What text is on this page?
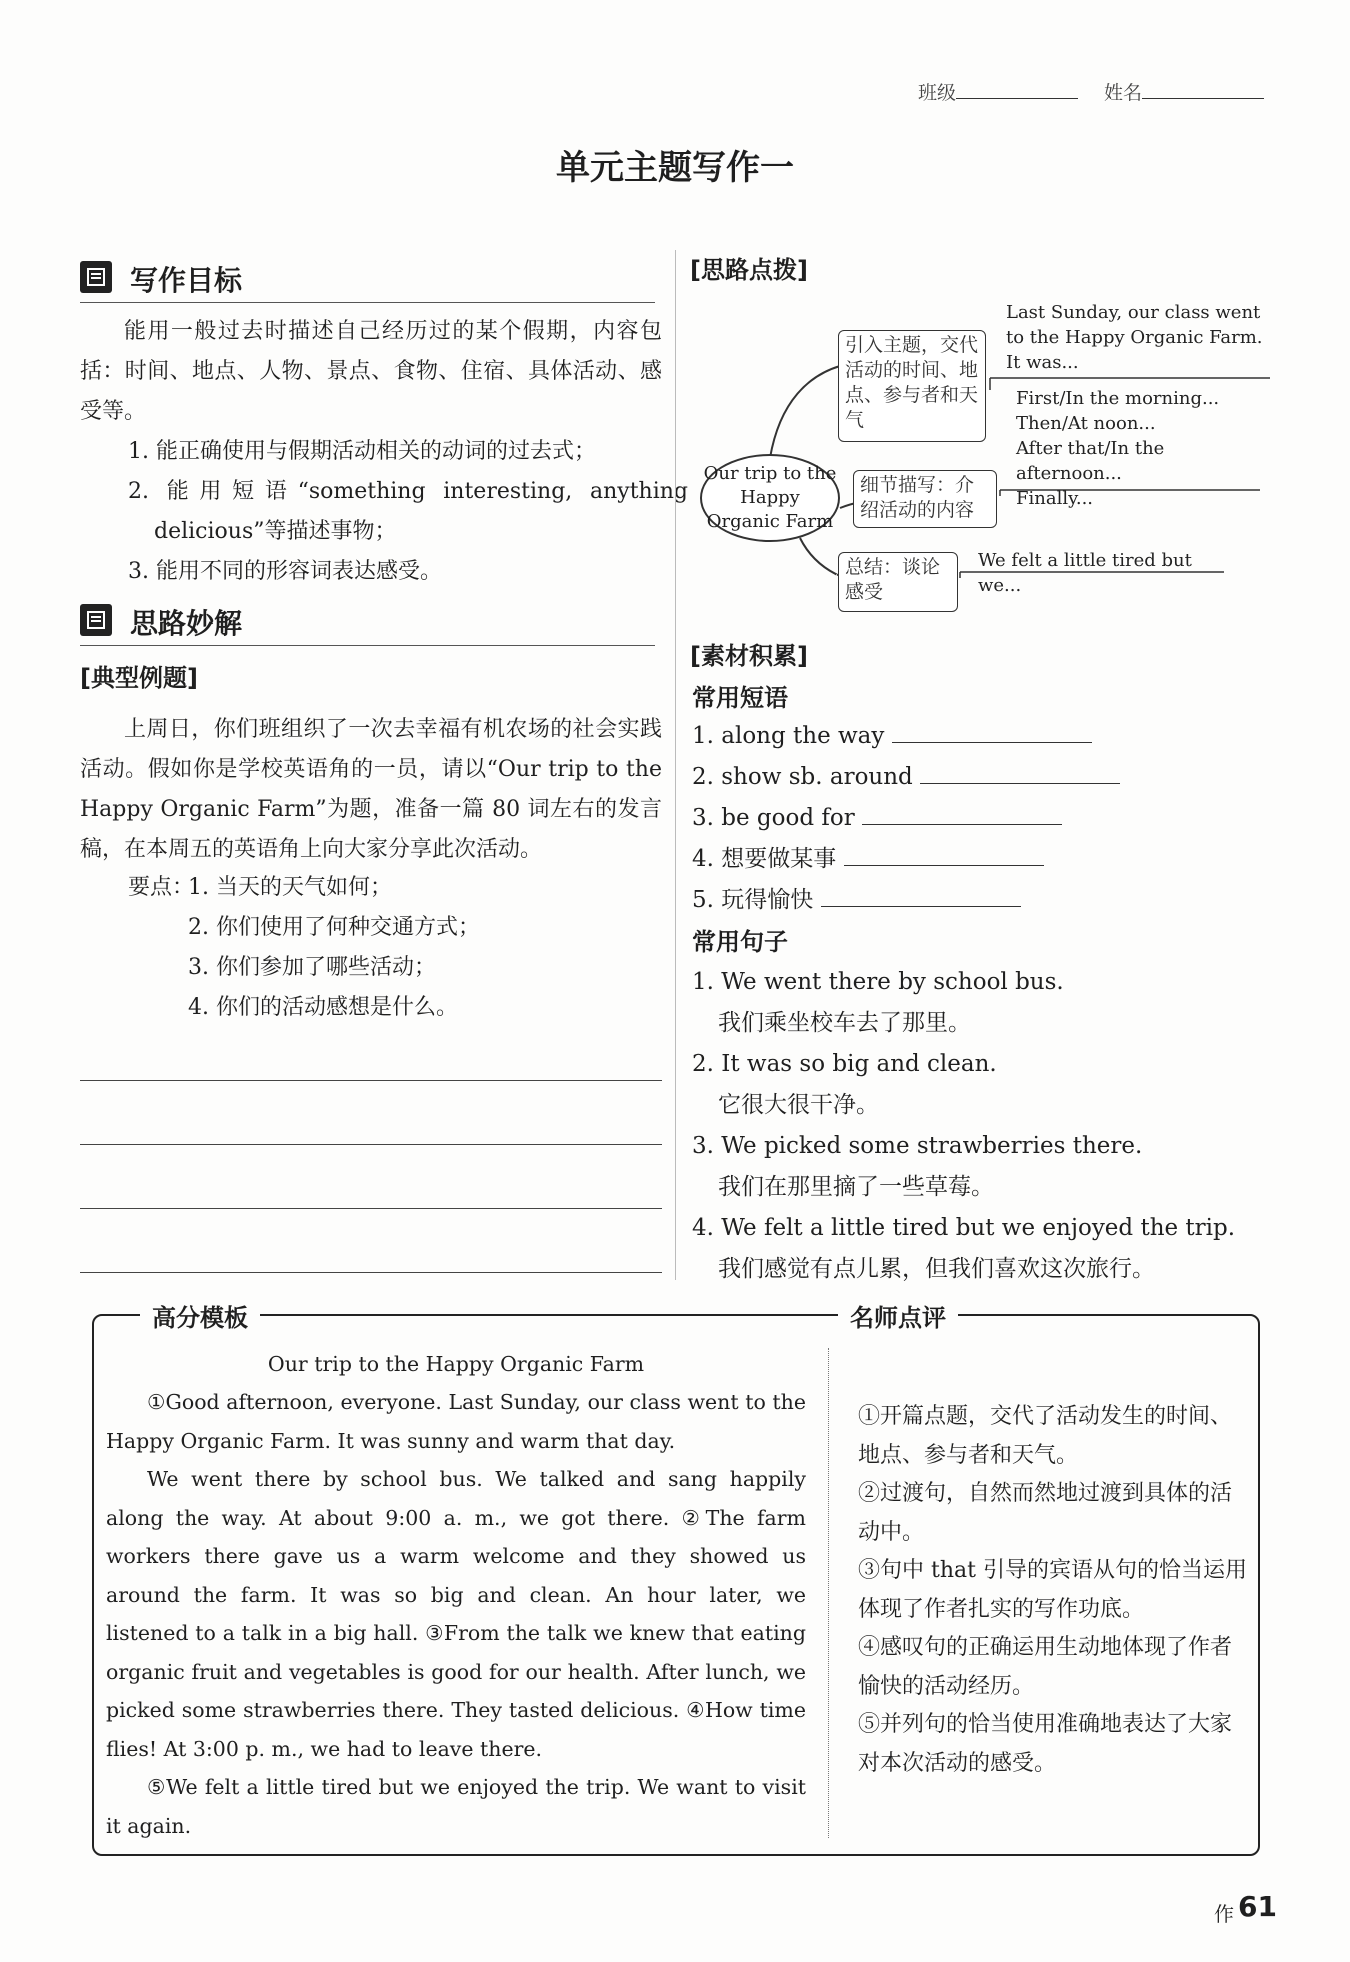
班级	姓名
单元主题写作一
写作目标
能用一般过去时描述自己经历过的某个假期，内容包括：时间、地点、人物、景点、食物、住宿、具体活动、感受等。
1. 能正确使用与假期活动相关的动词的过去式；
2. 能用短语“something interesting, anything delicious”等描述事物；
3. 能用不同的形容词表达感受。
思路妙解
[典型例题]
上周日，你们班组织了一次去幸福有机农场的社会实践活动。假如你是学校英语角的一员，请以“Our trip to the Happy Organic Farm”为题，准备一篇 80 词左右的发言稿，在本周五的英语角上向大家分享此次活动。
要点：
1. 当天的天气如何；
2. 你们使用了何种交通方式；
3. 你们参加了哪些活动；
4. 你们的活动感想是什么。
[思路点拨]
Our trip to the Happy Organic Farm
引入主题，交代活动的时间、地点、参与者和天气
Last Sunday, our class went
to the Happy Organic Farm.
It was...
细节描写：介绍活动的内容
First/In the morning...
Then/At noon...
After that/In the afternoon...
Finally...
总结：谈论感受
We felt a little tired but we...
[素材积累]
常用短语
1. along the way
2. show sb. around
3. be good for
4. 想要做某事
5. 玩得愉快
常用句子
1. We went there by school bus.
我们乘坐校车去了那里。
2. It was so big and clean.
它很大很干净。
3. We picked some strawberries there.
我们在那里摘了一些草莓。
4. We felt a little tired but we enjoyed the trip.
我们感觉有点儿累，但我们喜欢这次旅行。
高分模板	名师点评
Our trip to the Happy Organic Farm
①Good afternoon, everyone. Last Sunday, our class went to the Happy Organic Farm. It was sunny and warm that day.
We went there by school bus. We talked and sang happily along the way. At about 9:00 a. m., we got there. ②The farm workers there gave us a warm welcome and they showed us around the farm. It was so big and clean. An hour later, we listened to a talk in a big hall. ③From the talk we knew that eating organic fruit and vegetables is good for our health. After lunch, we picked some strawberries there. They tasted delicious. ④How time flies! At 3:00 p. m., we had to leave there.
⑤We felt a little tired but we enjoyed the trip. We want to visit it again.
①开篇点题，交代了活动发生的时间、地点、参与者和天气。
②过渡句，自然而然地过渡到具体的活动中。
③句中 that 引导的宾语从句的恰当运用体现了作者扎实的写作功底。
④感叹句的正确运用生动地体现了作者愉快的活动经历。
⑤并列句的恰当使用准确地表达了大家对本次活动的感受。
作 61
